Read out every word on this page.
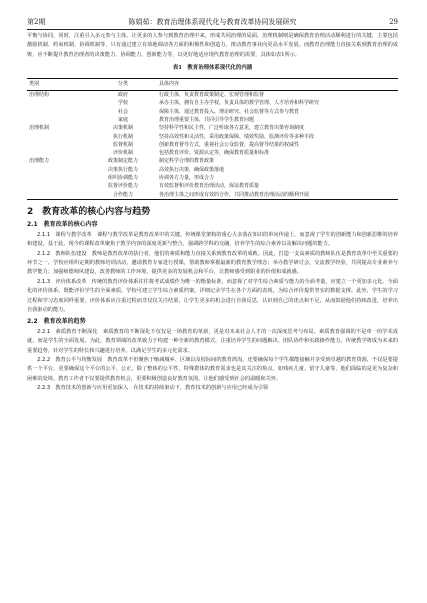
第2期	陈娟茹：教育治理体系现代化与教育改革协同发展研究	29

平衡与协同，同时，注重引入多元参与主体，让更多的人参与到教育治理中来，形成共同治理的局面。治理机制则是确保教育治理活动顺利进行的关键，主要包括激励机制、约束机制、协调机制等，只有通过建立有效地调动各方面的积极性和创造力，推动教育事业向更高水平发展。而教育治理能力直接关系到教育治理的成败，应不断提升教育治理者的决策能力、协调能力、创新能力等，以更好地适应现代教育治理的需要，具体如表1所示。

表1　教育治理体系现代化的内涵
类别	分类	具体内容
治理结构	政府	行政主体，负责教育政策制定、宏观管理和监督
	学校	承办主体，拥有自主办学权，负责具体的教学管理、人才培养和科学研究
	社会	保障主体，通过教育投入、理论研究、社会监督等方式参与教育
	家庭	教育治理重要主体，共同引导学生教育问题
治理机制	决策机制	坚持科学性和民主性，广泛听取各方意见，建立教育决策咨询制度
	执行机制	坚持高效性和灵活性，采用政策保障、绩效奖励、监测评价等多种手段
	监督机制	创新教育督导方式，重视社会公众监督，提高督导结果的权威性
	评价机制	包括教育评价、资源认定等，确保教育质量和标准
治理能力	政策制定能力	制定科学合理的教育政策
	决策执行能力	高效执行决策，确保政策落地
	组织协调能力	协调各方力量，形成合力
	监督评价能力	有效监督和评价教育治理活动，保证教育质量
	合作能力	各治理主体之间形成有效的合作，共同推动教育治理活动的顺利开展
2　教育改革的核心内容与趋势
2.1　教育改革的核心内容

2.1.1　课程与教学改革　 课程与教学改革是教育改革中的关键。传统课堂架构的重心大多落在知识的单向传递上，而忽视了学生的创新能力和创新思维的培养和建设。基于此，现今的课程改革聚焦于教学内容的深度更新与整合，强调跨学科的交融，培养学生的综合素养以及解决问题的能力。

2.1.2　教师队伍建设　 教师是教育改革的执行者，他们的素质和能力直接关系到教育改革的成败。因此，打造一支高素质的教师队伍是教育改革中至关重要的环节之一。学校应组织定期的教师培训活动，邀请教育专家进行授课，帮助教师掌握最新的教育教学理念；举办教学研讨会，交流教学经验，共同提高专业素养与教学能力；加强师德师风建设，改善教师的工作环境，提供更多的发展机会和平台，让教师感受到职业的价值和成就感。

2.1.3　评价体系改革　 传统的教育评价体系往往将考试成绩作为唯一的衡量标准，而忽视了对学生综合素质与能力的全面考量。应建立一个更加多元化、全面化的评价体系，既能评价学生的全面素质。学校可建立学生综合素质档案，详细记录学生在各个方面的表现，为综合评价提供坚实的数据支撑。此外，学生的学习过程和学习态度同样重要，评价体系应注重过程而非仅仅关注结果，让学生更多的机会进行自我反思，认识到自己的优点和不足，从而鼓励他们持续改进，培养出自我驱动的能力。

2.2　教育改革的趋势

2.2.1　素质教育不断深化　 素质教育的不断深化不仅仅是一场教育的革新，更是对未来社会人才的一次深度思考与布局。素质教育强调的不是单一的学术成就，而是学生的全面发展。为此，教育领域的改革致力于构建一种全新的教育模式，注重培养学生的问题解决、团队协作和实践操作能力。传统教学将成为未来的重要趋势，针对学生的特长和兴趣进行培养，以满足学生的多元化需求。

2.2.2　教育公平与均衡发展　 教育改革不但聚焦于缩减城乡、区域以及校际间的教育鸿沟，还要确保每个学生都能接触并享受到卓越的教育资源，不仅是要提供一个平台，更要确保这个平台的公平、公正。除了整体的公平性，特殊群体的教育需求也是其关注的焦点，如残疾儿童、留守儿童等。他们面临的是更为复杂和困难的处境。教育工作者不仅要提供教育机会，更要积极创造良好教育氛围，让他们感受到社会的温暖和关怀。

2.2.3　教育技术的创新与应用更加深入　 在技术的持续驱动下，教育技术的创新与应用已经成为引领
